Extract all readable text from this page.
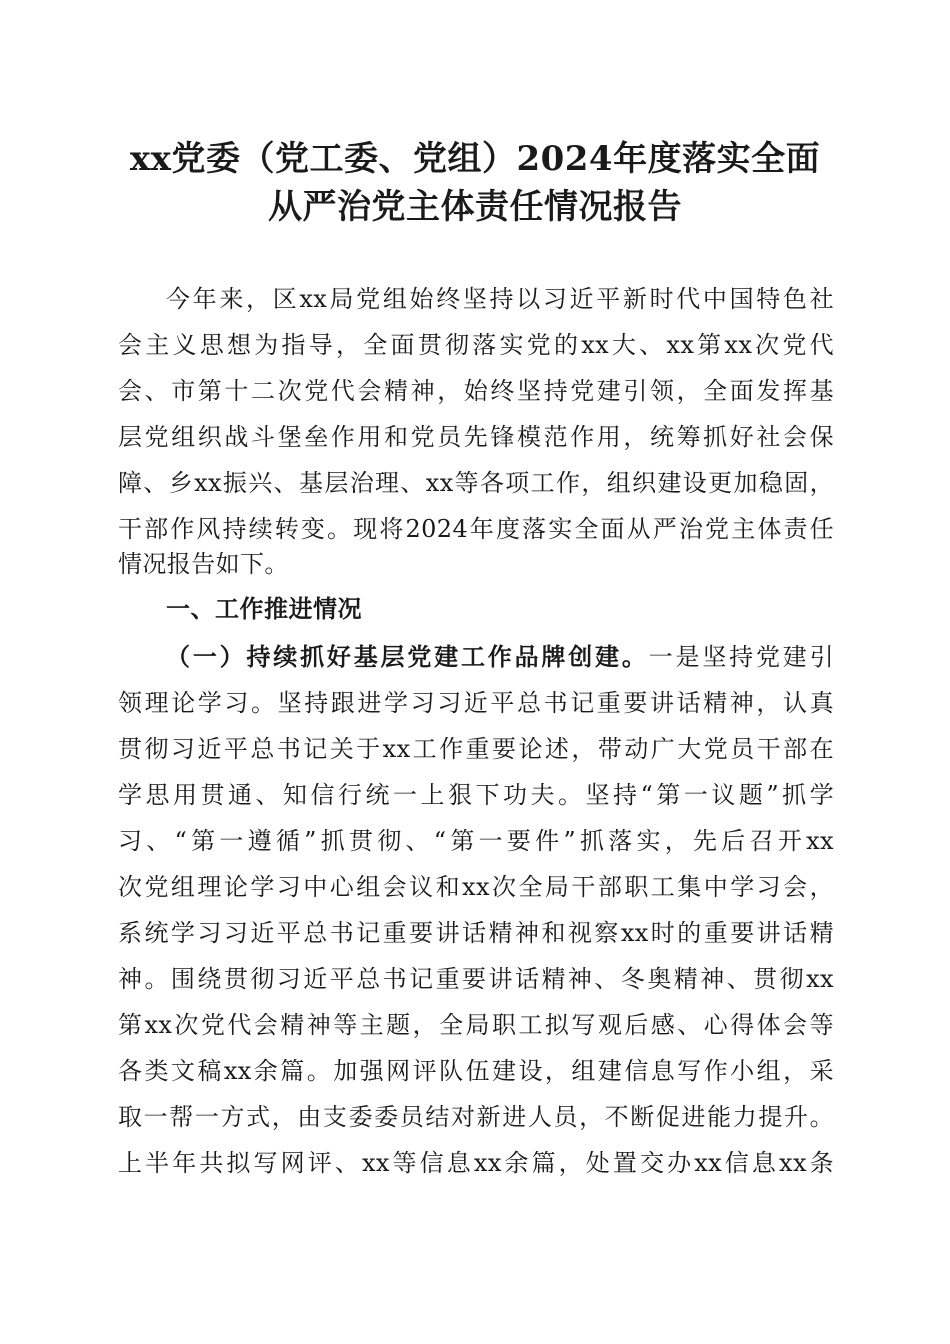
xx党委（党工委、党组）2024年度落实全面
从严治党主体责任情况报告
今年来，区xx局党组始终坚持以习近平新时代中国特色社
会主义思想为指导，全面贯彻落实党的xx大、xx第xx次党代
会、市第十二次党代会精神，始终坚持党建引领，全面发挥基
层党组织战斗堡垒作用和党员先锋模范作用，统筹抓好社会保
障、乡xx振兴、基层治理、xx等各项工作，组织建设更加稳固，
干部作风持续转变。现将2024年度落实全面从严治党主体责任
情况报告如下。
一、工作推进情况
（一）持续抓好基层党建工作品牌创建。一是坚持党建引
领理论学习。坚持跟进学习习近平总书记重要讲话精神，认真
贯彻习近平总书记关于xx工作重要论述，带动广大党员干部在
学思用贯通、知信行统一上狠下功夫。坚持“第一议题”抓学
习、“第一遵循”抓贯彻、“第一要件”抓落实，先后召开xx
次党组理论学习中心组会议和xx次全局干部职工集中学习会，
系统学习习近平总书记重要讲话精神和视察xx时的重要讲话精
神。围绕贯彻习近平总书记重要讲话精神、冬奥精神、贯彻xx
第xx次党代会精神等主题，全局职工拟写观后感、心得体会等
各类文稿xx余篇。加强网评队伍建设，组建信息写作小组，采
取一帮一方式，由支委委员结对新进人员，不断促进能力提升。
上半年共拟写网评、xx等信息xx余篇，处置交办xx信息xx条
